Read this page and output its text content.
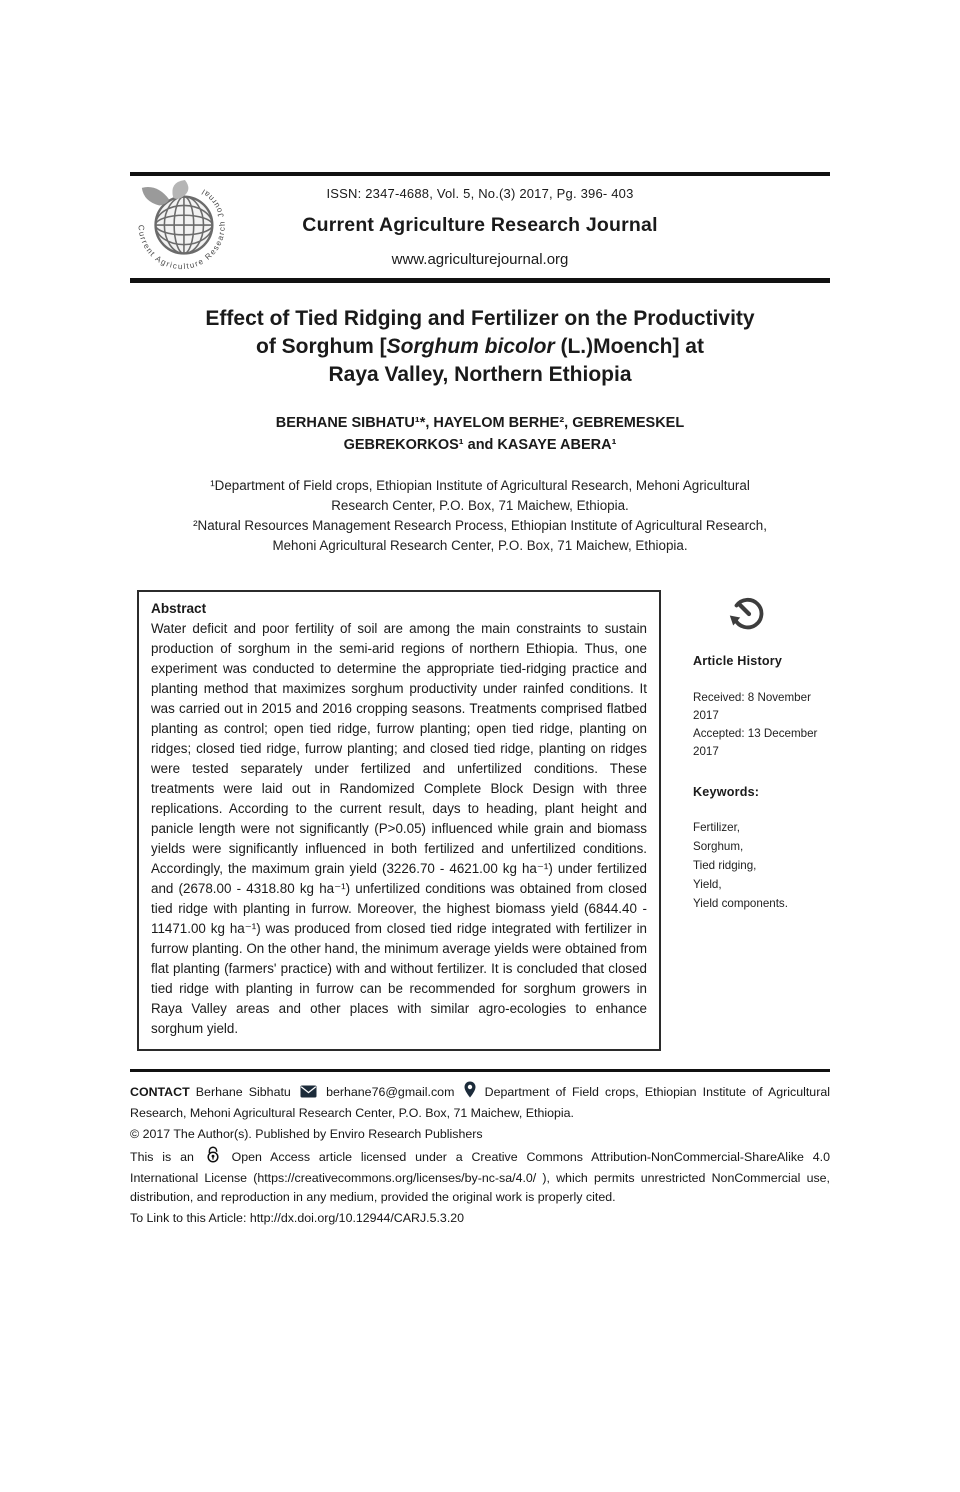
Current Agriculture Research Journal	ISSN: 2347-4688, Vol. 5, No.(3) 2017, Pg. 396- 403
Current Agriculture Research Journal
www.agriculturejournal.org
Effect of Tied Ridging and Fertilizer on the Productivity
of Sorghum [Sorghum bicolor (L.)Moench] at
Raya Valley, Northern Ethiopia
BERHANE SIBHATU¹*, HAYELOM BERHE², GEBREMESKEL
GEBREKORKOS¹ and KASAYE ABERA¹
¹Department of Field crops, Ethiopian Institute of Agricultural Research, Mehoni Agricultural
Research Center, P.O. Box, 71 Maichew, Ethiopia.
²Natural Resources Management Research Process, Ethiopian Institute of Agricultural Research,
Mehoni Agricultural Research Center, P.O. Box, 71 Maichew, Ethiopia.
Abstract
Water deficit and poor fertility of soil are among the main constraints to sustain production of sorghum in the semi-arid regions of northern Ethiopia. Thus, one experiment was conducted to determine the appropriate tied-ridging practice and planting method that maximizes sorghum productivity under rainfed conditions. It was carried out in 2015 and 2016 cropping seasons. Treatments comprised flatbed planting as control; open tied ridge, furrow planting; open tied ridge, planting on ridges; closed tied ridge, furrow planting; and closed tied ridge, planting on ridges were tested separately under fertilized and unfertilized conditions. These treatments were laid out in Randomized Complete Block Design with three replications. According to the current result, days to heading, plant height and panicle length were not significantly (P>0.05) influenced while grain and biomass yields were significantly influenced in both fertilized and unfertilized conditions. Accordingly, the maximum grain yield (3226.70 - 4621.00 kg ha⁻¹) under fertilized and (2678.00 - 4318.80 kg ha⁻¹) unfertilized conditions was obtained from closed tied ridge with planting in furrow. Moreover, the highest biomass yield (6844.40 - 11471.00 kg ha⁻¹) was produced from closed tied ridge integrated with fertilizer in furrow planting. On the other hand, the minimum average yields were obtained from flat planting (farmers' practice) with and without fertilizer. It is concluded that closed tied ridge with planting in furrow can be recommended for sorghum growers in Raya Valley areas and other places with similar agro-ecologies to enhance sorghum yield.
Article History
Received: 8 November 2017
Accepted: 13 December 2017
Keywords:
Fertilizer,
Sorghum,
Tied ridging,
Yield,
Yield components.

CONTACT Berhane Sibhatu	berhane76@gmail.com Department of Field crops, Ethiopian Institute of Agricultural Research, Mehoni Agricultural Research Center, P.O. Box, 71 Maichew, Ethiopia.

© 2017 The Author(s). Published by Enviro Research Publishers

This is an	Open Access article licensed under a Creative Commons Attribution-NonCommercial-ShareAlike 4.0 International License (https://creativecommons.org/licenses/by-nc-sa/4.0/ ), which permits unrestricted NonCommercial use, distribution, and reproduction in any medium, provided the original work is properly cited.

To Link to this Article: http://dx.doi.org/10.12944/CARJ.5.3.20
